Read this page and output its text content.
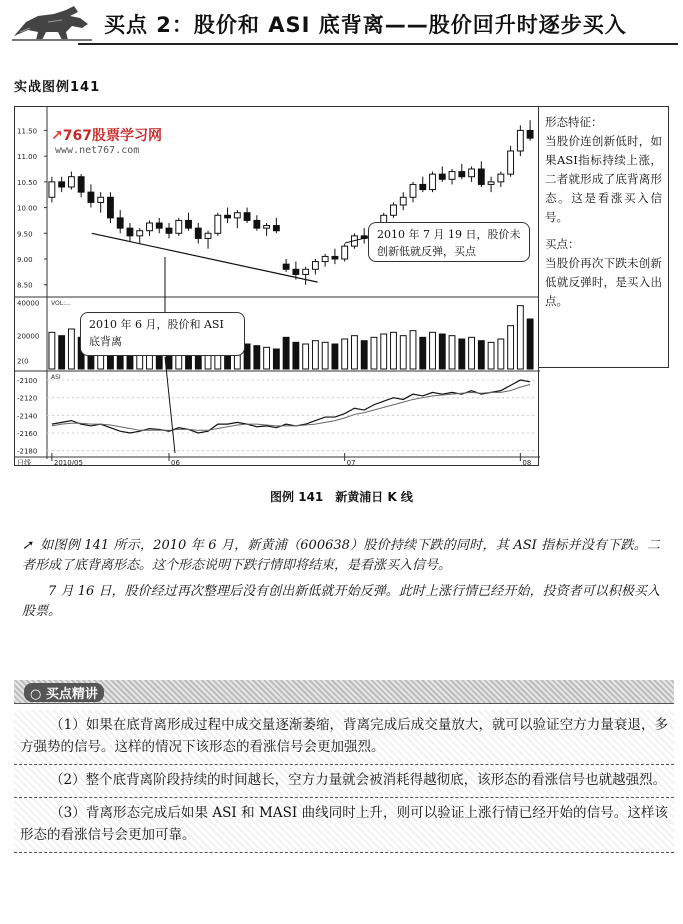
买点 2：股价和 ASI 底背离——股价回升时逐步买入
实战图例141
11.50
11.00
10.50
10.00
9.50
9.00
8.50
40000
20000
2(0
-2100
-2120
-2140
-2160
-2180
2010/05	06	07	08
日线
VOL:...
ASI
↗767股票学习网
www.net767.com
2010 年 7 月 19 日，股价未创新低就反弹，买点
2010 年 6 月，股价和 ASI 底背离
形态特征：

当股价连创新低时，如果ASI指标持续上涨，二者就形成了底背离形态。这是看涨买入信号。

买点：

当股价再次下跌未创新低就反弹时，是买入出点。

图例 141　新黄浦日 K 线

➚ 如图例 141 所示，2010 年 6 月，新黄浦（600638）股价持续下跌的同时，其 ASI 指标并没有下跌。二者形成了底背离形态。这个形态说明下跌行情即将结束，是看涨买入信号。

7 月 16 日，股价经过再次整理后没有创出新低就开始反弹。此时上涨行情已经开始，投资者可以积极买入股票。

○ 买点精讲
（1）如果在底背离形成过程中成交量逐渐萎缩，背离完成后成交量放大，就可以验证空方力量衰退，多方强势的信号。这样的情况下该形态的看涨信号会更加强烈。
（2）整个底背离阶段持续的时间越长，空方力量就会被消耗得越彻底，该形态的看涨信号也就越强烈。
（3）背离形态完成后如果 ASI 和 MASI 曲线同时上升，则可以验证上涨行情已经开始的信号。这样该形态的看涨信号会更加可靠。
